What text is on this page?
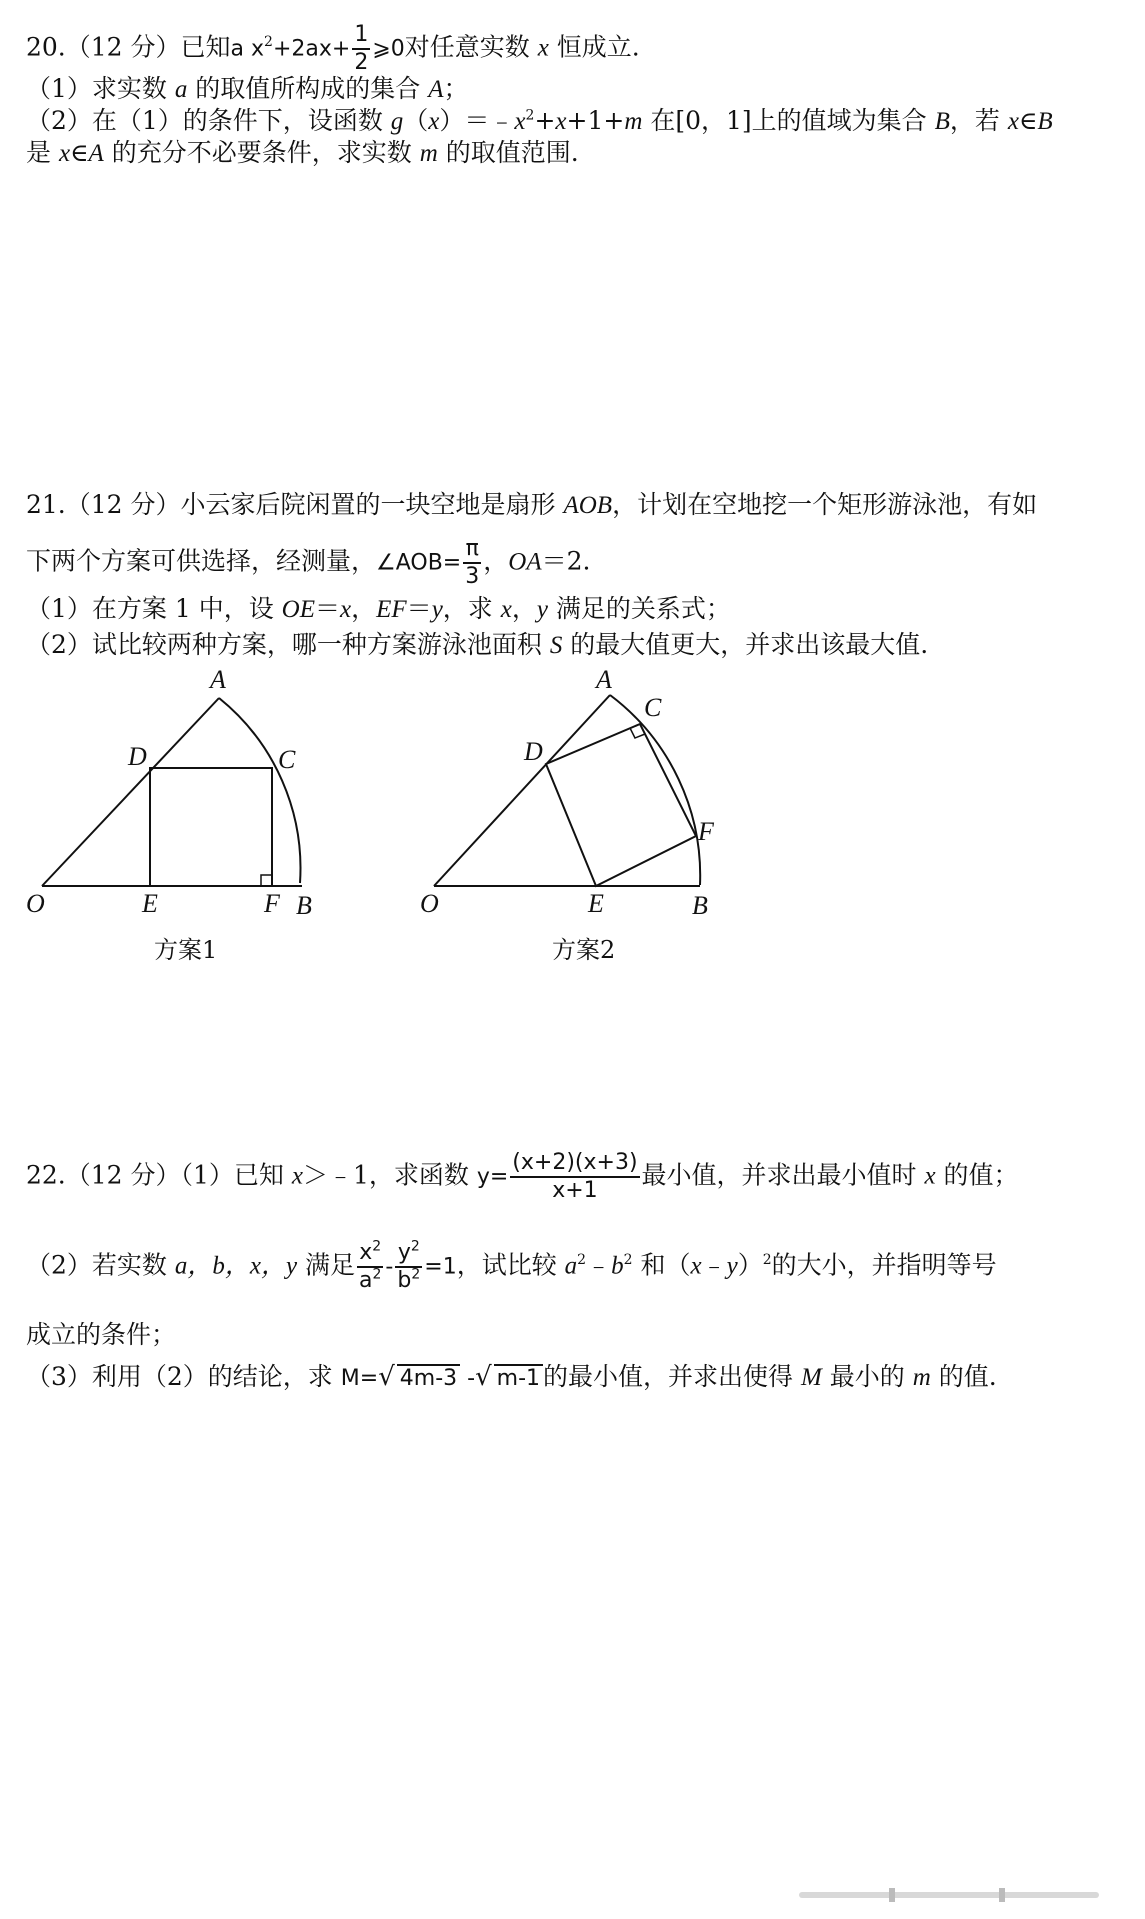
20.（12 分）已知a $x^2+2ax+ \frac{1}{2}$ ⩾0对任意实数 x 恒成立.
（1）求实数 a 的取值所构成的集合 A；
（2）在（1）的条件下，设函数 $g(x)=﹣x^2+x+1+m$ 在[0，1]上的值域为集合 B，若 x∈B
是 x∈A 的充分不必要条件，求实数 m 的取值范围.
21.（12 分）小云家后院闲置的一块空地是扇形 AOB，计划在空地挖一个矩形游泳池，有如
下两个方案可供选择，经测量，∠AOB= $\frac{\pi}{3}$ ，OA＝2.
（1）在方案 1 中，设 OE＝x，EF＝y，求 x，y 满足的关系式；
（2）试比较两种方案，哪一种方案游泳池面积 S 的最大值更大，并求出该最大值.
A
D	C
O	E	F B
方案1
A
C
D
F
O	E	B
方案2
22.（12 分）（1）已知 x＞﹣1，求函数 $y= \frac{(x+2)(x+3)}{x+1}$ 最小值，并求出最小值时 x 的值；
（2）若实数 a，b，x，y 满足 $\frac{x^2}{a^2} - \frac{y^2}{b^2} =1$，试比较 $a^2﹣b^2$ 和（x﹣y）$^2$的大小，并指明等号
成立的条件；
（3）利用（2）的结论，求 M=√ 4m-3 -√ m-1 的最小值，并求出使得 M 最小的 m 的值.
